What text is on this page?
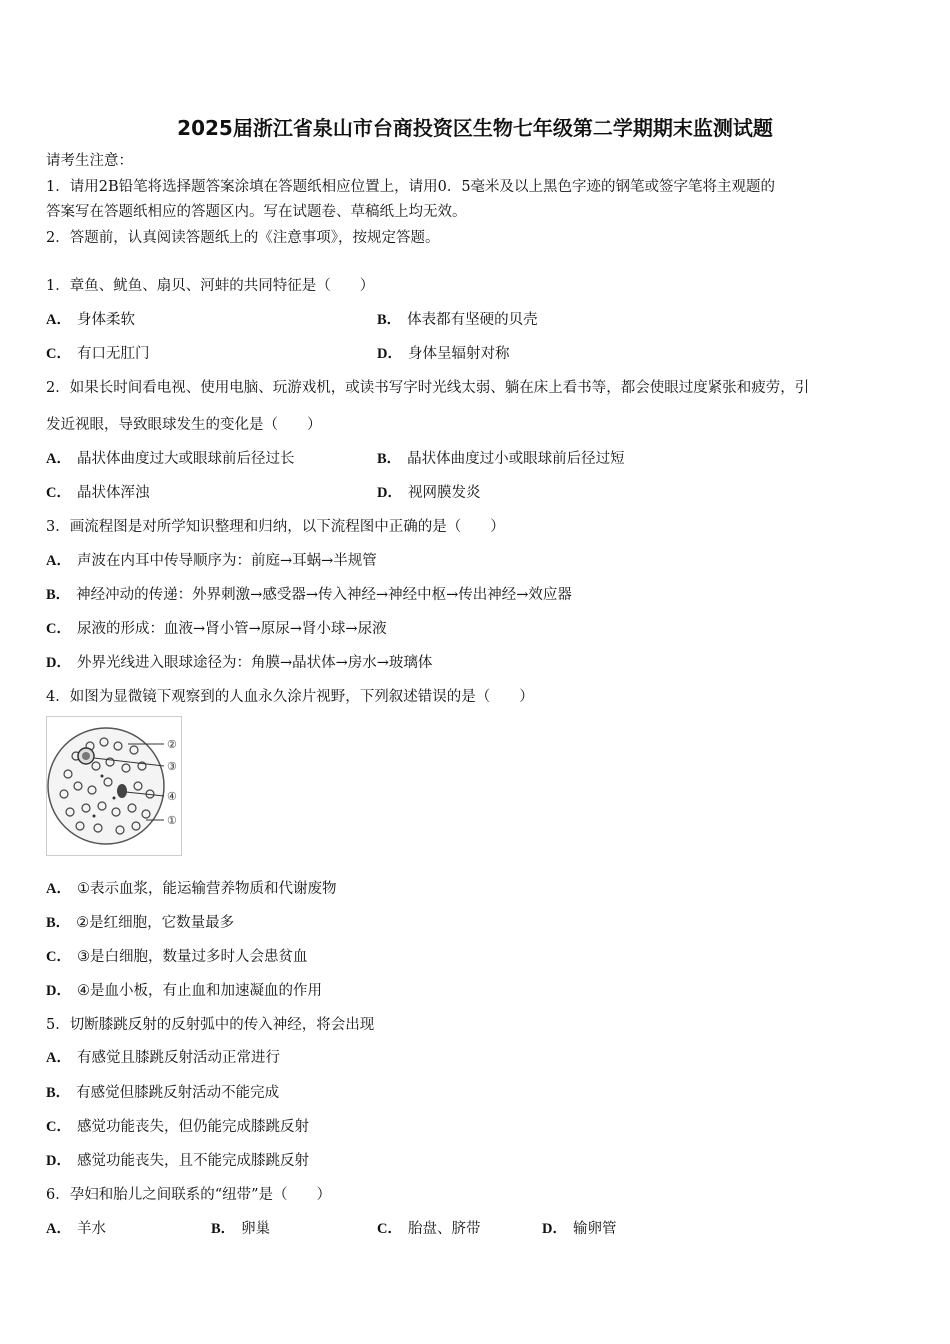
2025届浙江省泉山市台商投资区生物七年级第二学期期末监测试题
请考生注意：
1．请用2B铅笔将选择题答案涂填在答题纸相应位置上，请用0．5毫米及以上黑色字迹的钢笔或签字笔将主观题的
答案写在答题纸相应的答题区内。写在试题卷、草稿纸上均无效。
2．答题前，认真阅读答题纸上的《注意事项》，按规定答题。
1．章鱼、鱿鱼、扇贝、河蚌的共同特征是（　　）
A． 身体柔软	B． 体表都有坚硬的贝壳
C． 有口无肛门	D． 身体呈辐射对称
2．如果长时间看电视、使用电脑、玩游戏机，或读书写字时光线太弱、躺在床上看书等，都会使眼过度紧张和疲劳，引
发近视眼，导致眼球发生的变化是（　　）
A． 晶状体曲度过大或眼球前后径过长	B． 晶状体曲度过小或眼球前后径过短
C． 晶状体浑浊	D． 视网膜发炎
3．画流程图是对所学知识整理和归纳，以下流程图中正确的是（　　）
A． 声波在内耳中传导顺序为：前庭→耳蜗→半规管
B． 神经冲动的传递：外界刺激→感受器→传入神经→神经中枢→传出神经→效应器
C． 尿液的形成：血液→肾小管→原尿→肾小球→尿液
D． 外界光线进入眼球途径为：角膜→晶状体→房水→玻璃体
4．如图为显微镜下观察到的人血永久涂片视野，下列叙述错误的是（　　）
②
③
④
①
A． ①表示血浆，能运输营养物质和代谢废物
B． ②是红细胞，它数量最多
C． ③是白细胞，数量过多时人会患贫血
D． ④是血小板，有止血和加速凝血的作用
5．切断膝跳反射的反射弧中的传入神经，将会出现
A． 有感觉且膝跳反射活动正常进行
B． 有感觉但膝跳反射活动不能完成
C． 感觉功能丧失，但仍能完成膝跳反射
D． 感觉功能丧失，且不能完成膝跳反射
6．孕妇和胎儿之间联系的“纽带”是（　　）
A． 羊水	B． 卵巢	C． 胎盘、脐带	D． 输卵管
